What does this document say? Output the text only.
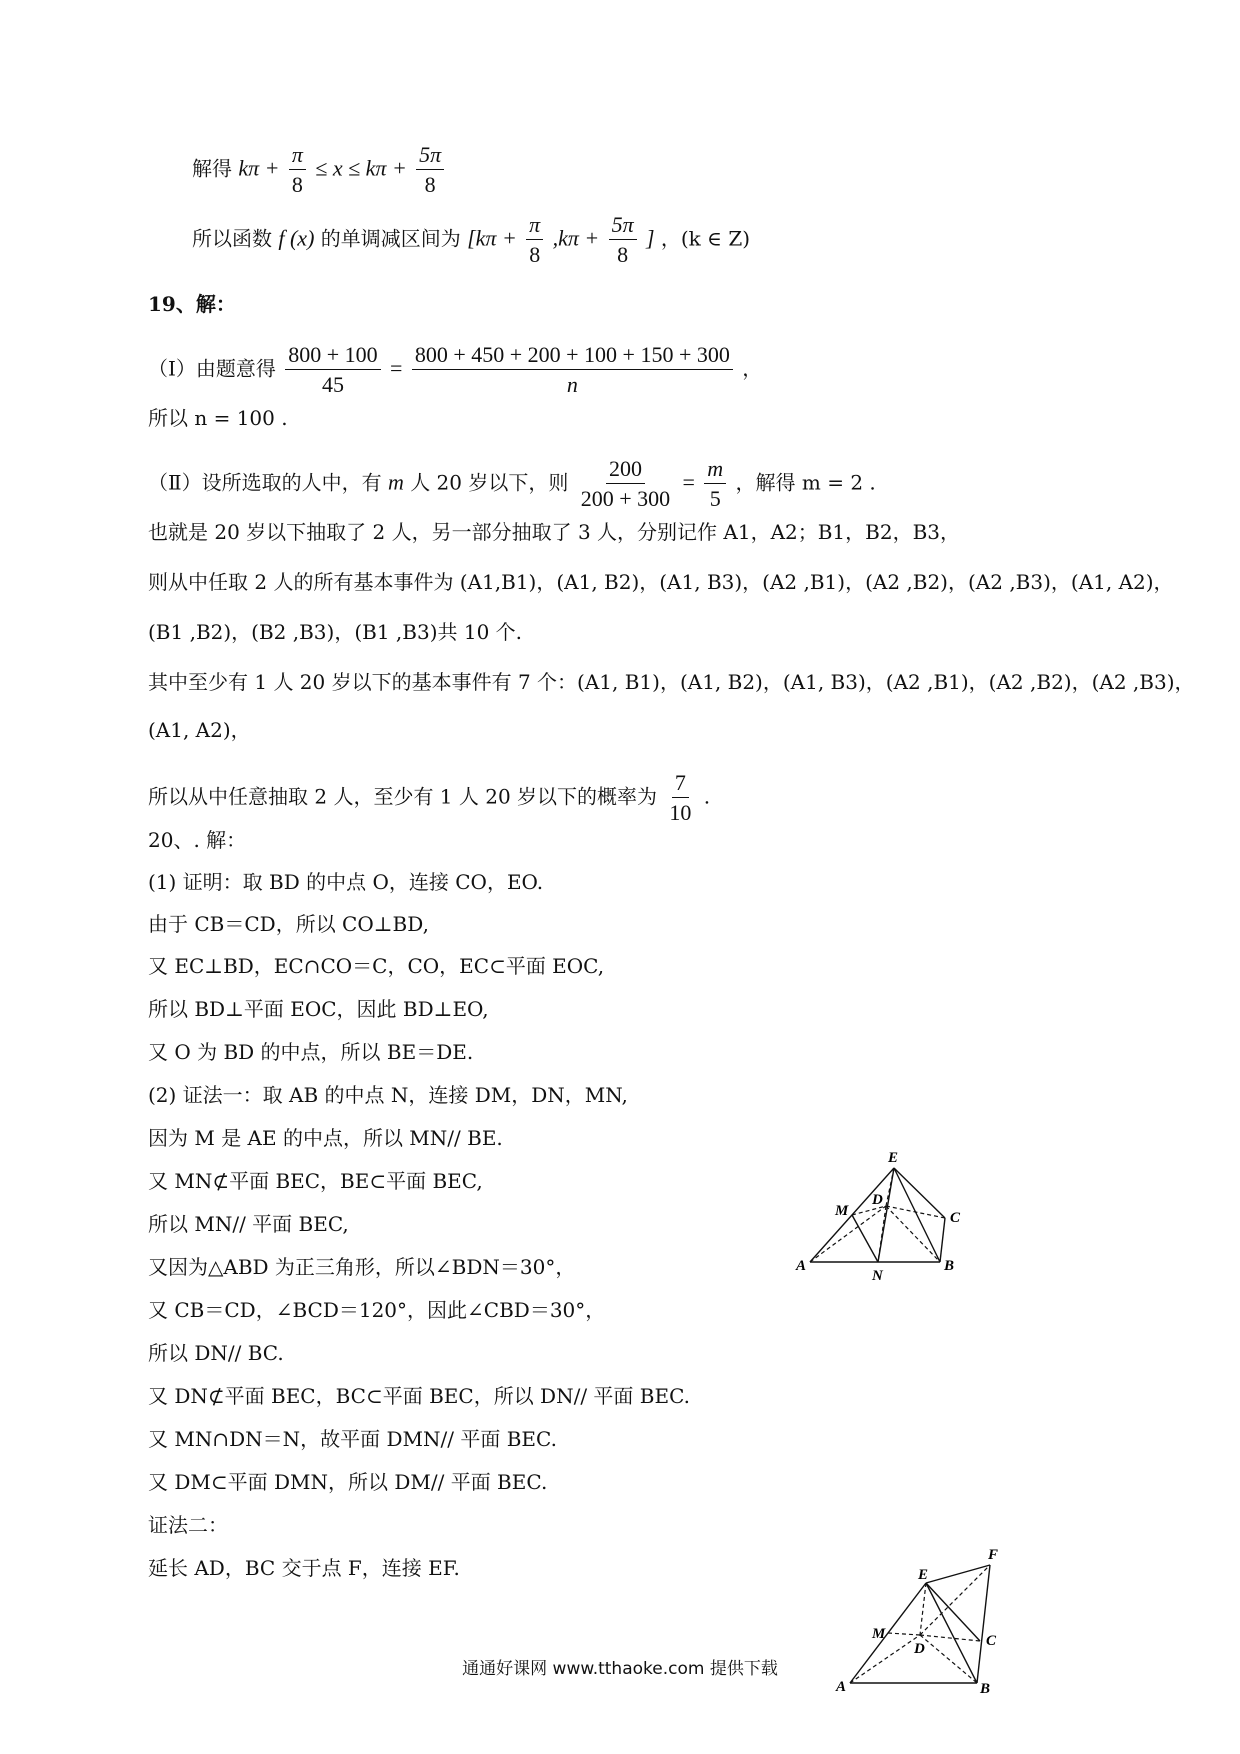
解得 $k\pi + \frac{\pi}{8} \le x \le k\pi + \frac{5\pi}{8}$
所以函数 f (x) 的单调减区间为 [$k\pi + \frac{\pi}{8} ,k\pi + \frac{5\pi}{8}$ ] ，(k ∈ Z)
19、解：
（Ⅰ）由题意得 $\frac{800 + 100}{45} = \frac{800 + 450 + 200 + 100 + 150 + 300}{n}$ ，
所以 n = 100 .
（Ⅱ）设所选取的人中，有 m 人 20 岁以下，则 $\frac{200}{200 + 300} = \frac{m}{5}$ ，解得 m = 2 .
也就是 20 岁以下抽取了 2 人，另一部分抽取了 3 人，分别记作 A1，A2；B1，B2，B3，
则从中任取 2 人的所有基本事件为 (A1,B1)，(A1, B2)，(A1, B3)，(A2 ,B1)，(A2 ,B2)，(A2 ,B3)，(A1, A2)，
(B1 ,B2)，(B2 ,B3)，(B1 ,B3)共 10 个.
其中至少有 1 人 20 岁以下的基本事件有 7 个：(A1, B1)，(A1, B2)，(A1, B3)，(A2 ,B1)，(A2 ,B2)，(A2 ,B3)，
(A1, A2)，
所以从中任意抽取 2 人，至少有 1 人 20 岁以下的概率为 $\frac{7}{10}$ .
20、. 解：
(1) 证明：取 BD 的中点 O，连接 CO，EO.
由于 CB＝CD，所以 CO⊥BD,
又 EC⊥BD，EC∩CO＝C，CO，EC⊂平面 EOC,
所以 BD⊥平面 EOC，因此 BD⊥EO,
又 O 为 BD 的中点，所以 BE＝DE.
(2) 证法一：取 AB 的中点 N，连接 DM，DN，MN,
因为 M 是 AE 的中点，所以 MN// BE.
又 MN⊄平面 BEC，BE⊂平面 BEC,
所以 MN// 平面 BEC,
又因为△ABD 为正三角形，所以∠BDN＝30°，
又 CB＝CD，∠BCD＝120°，因此∠CBD＝30°，
所以 DN// BC.
又 DN⊄平面 BEC，BC⊂平面 BEC，所以 DN// 平面 BEC.
又 MN∩DN＝N，故平面 DMN// 平面 BEC.
又 DM⊂平面 DMN，所以 DM// 平面 BEC.
证法二：
延长 AD，BC 交于点 F，连接 EF.
E
M
D
C
A
N
B
F
E
M
D	C
A	B
通通好课网 www.tthaoke.com 提供下载
